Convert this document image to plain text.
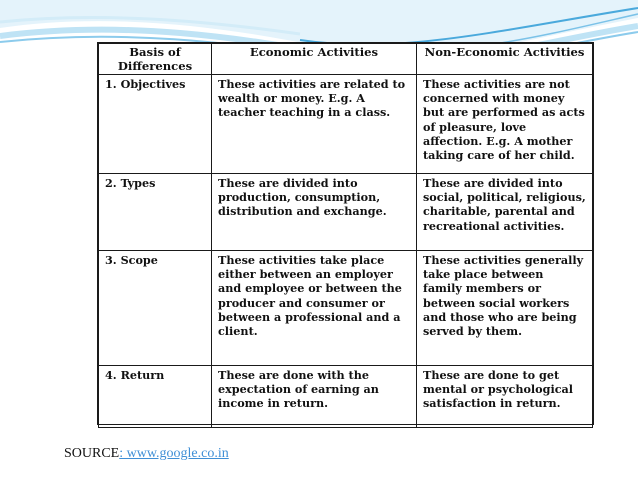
Basis of Differences	Economic Activities	Non-Economic Activities
1. Objectives	These activities are related to wealth or money. E.g. A teacher teaching in a class.	These activities are not concerned with money but are performed as acts of pleasure, love affection. E.g. A mother taking care of her child.
2. Types	These are divided into production, consumption, distribution and exchange.	These are divided into social, political, religious, charitable, parental and recreational activities.
3. Scope	These activities take place either between an employer and employee or between the producer and consumer or between a professional and a client.	These activities generally take place between family members or between social workers and those who are being served by them.
4. Return	These are done with the expectation of earning an income in return.	These are done to get mental or psychological satisfaction in return.
SOURCE: www.google.co.in
